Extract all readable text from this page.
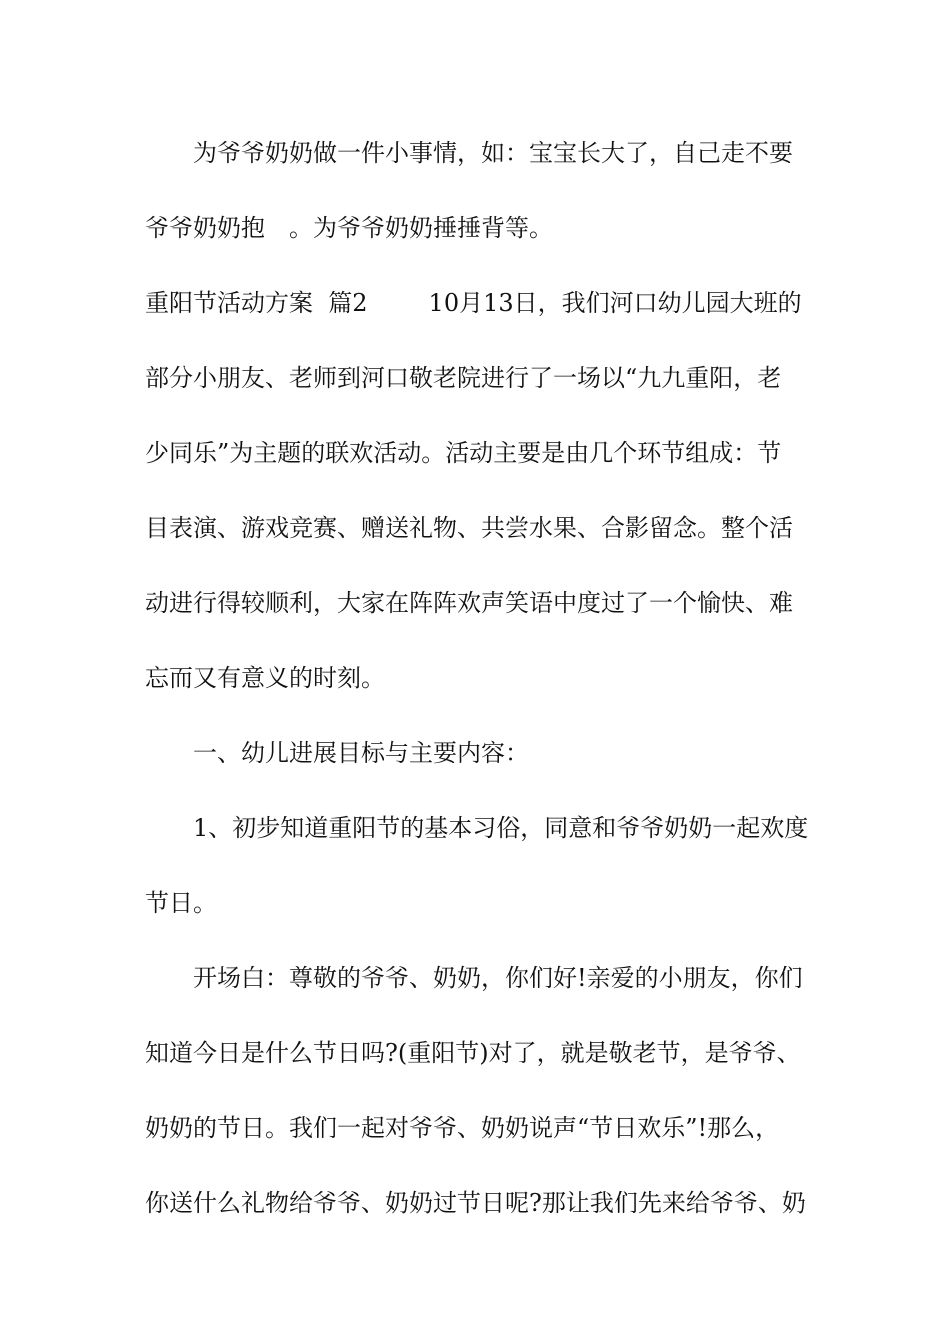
为爷爷奶奶做一件小事情，如：宝宝长大了，自己走不要

爷爷奶奶抱　。为爷爷奶奶捶捶背等。

重阳节活动方案  篇2        10月13日，我们河口幼儿园大班的

部分小朋友、老师到河口敬老院进行了一场以“九九重阳，老

少同乐”为主题的联欢活动。活动主要是由几个环节组成：节

目表演、游戏竞赛、赠送礼物、共尝水果、合影留念。整个活

动进行得较顺利，大家在阵阵欢声笑语中度过了一个愉快、难

忘而又有意义的时刻。

一、幼儿进展目标与主要内容：

1、初步知道重阳节的基本习俗，同意和爷爷奶奶一起欢度

节日。

开场白：尊敬的爷爷、奶奶，你们好!亲爱的小朋友，你们

知道今日是什么节日吗?(重阳节)对了，就是敬老节，是爷爷、

奶奶的节日。我们一起对爷爷、奶奶说声“节日欢乐”!那么，

你送什么礼物给爷爷、奶奶过节日呢?那让我们先来给爷爷、奶
